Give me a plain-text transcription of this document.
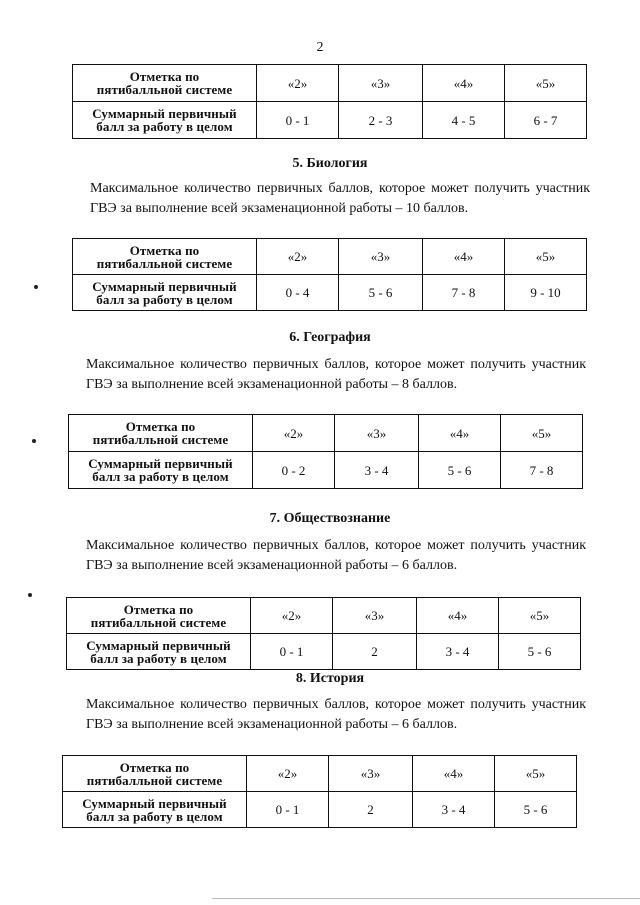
2
Отметка по
пятибалльной системе	«2»	«3»	«4»	«5»

Суммарный первичный
балл за работу в целом	0 - 1	2 - 3	4 - 5	6 - 7
5. Биология
Максимальное количество первичных баллов, которое может получить участник ГВЭ за выполнение всей экзаменационной работы – 10 баллов.
Отметка по
пятибалльной системе	«2»	«3»	«4»	«5»

Суммарный первичный
балл за работу в целом	0 - 4	5 - 6	7 - 8	9 - 10
6. География
Максимальное количество первичных баллов, которое может получить участник ГВЭ за выполнение всей экзаменационной работы – 8 баллов.
Отметка по
пятибалльной системе	«2»	«3»	«4»	«5»

Суммарный первичный
балл за работу в целом	0 - 2	3 - 4	5 - 6	7 - 8
7. Обществознание
Максимальное количество первичных баллов, которое может получить участник ГВЭ за выполнение всей экзаменационной работы – 6 баллов.
Отметка по
пятибалльной системе	«2»	«3»	«4»	«5»

Суммарный первичный
балл за работу в целом	0 - 1	2	3 - 4	5 - 6
8. История
Максимальное количество первичных баллов, которое может получить участник ГВЭ за выполнение всей экзаменационной работы – 6 баллов.
Отметка по
пятибалльной системе	«2»	«3»	«4»	«5»

Суммарный первичный
балл за работу в целом	0 - 1	2	3 - 4	5 - 6
